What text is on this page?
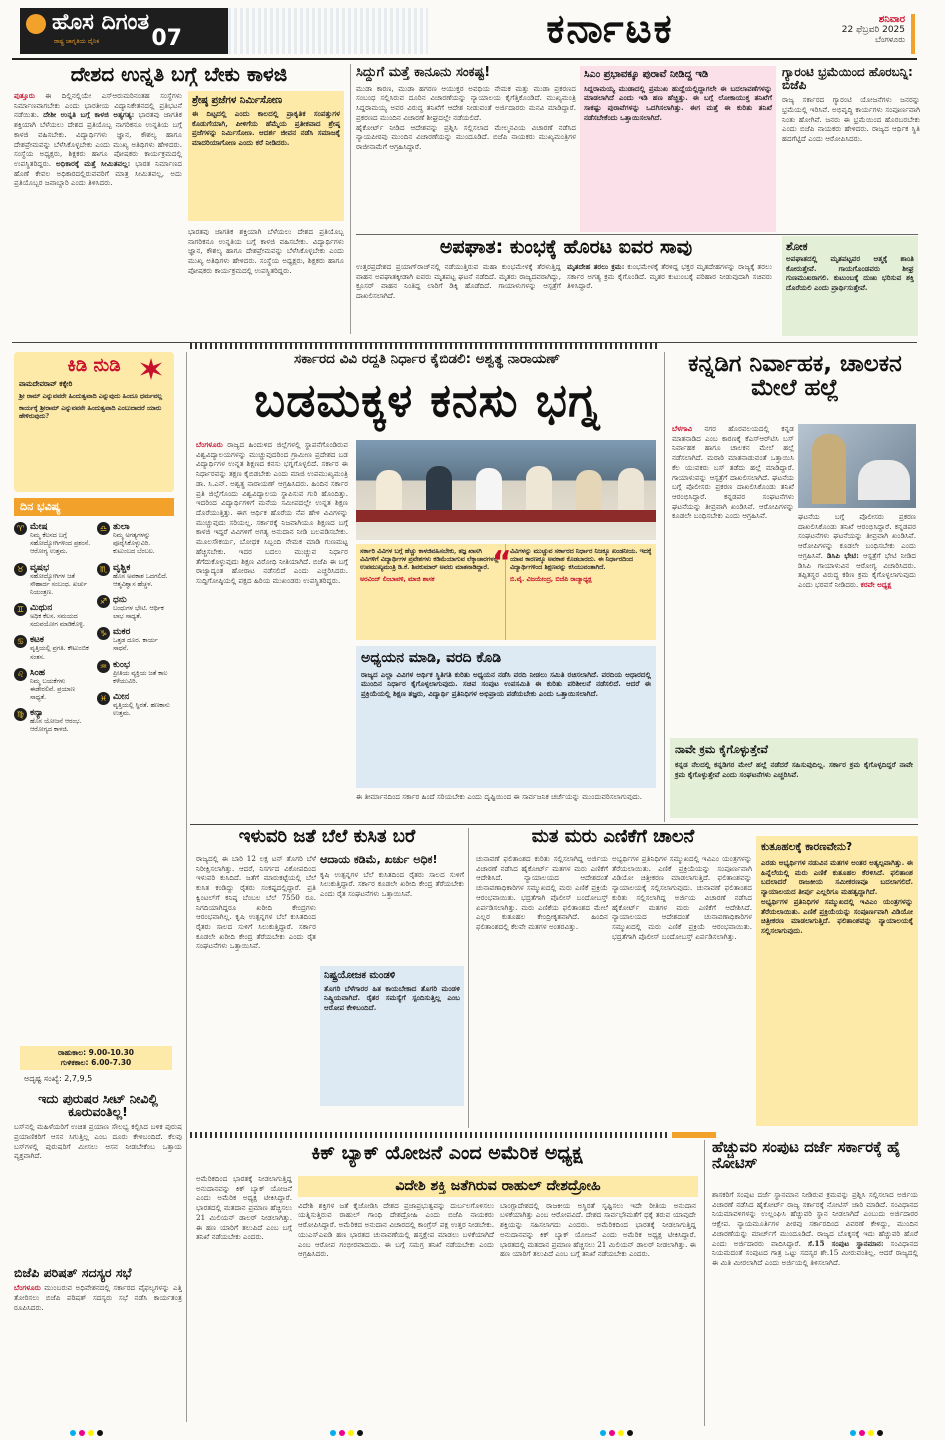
ಹೊಸ ದಿಗಂತ
ರಾಷ್ಟ್ರ ಜಾಗೃತಿಯ ದೈನಿಕ 07	ಕರ್ನಾಟಕ	ಶನಿವಾರ
22 ಫೆಬ್ರವರಿ 2025
ಬೆಂಗಳೂರು
ದೇಶದ ಉನ್ನತಿ ಬಗ್ಗೆ ಬೇಕು ಕಾಳಜಿ
ಪುತ್ತೂರು ಈ ದಿಲ್ಲಿನಲ್ಲಿಯೇ ಎಸ್ಆರುಮರಿನಂತಹ ಸಂಸ್ಥೆಗಳು ನಿರ್ಮಾಣವಾಗಬೇಕು ಎಂದು ಭಾರತೀಯ ವಿದ್ಯಾನಿಕೇತನದಲ್ಲಿ ಪ್ರತಿಭಟನೆ ನಡೆಯಿತು. ದೇಶೀ ಉನ್ನತಿ ಬಗ್ಗೆ ಕಾಳಜಿ ಅತ್ಯಗತ್ಯ: ಭಾರತವು ಜಾಗತಿಕ ಶಕ್ತಿಯಾಗಿ ಬೆಳೆಯಲು ದೇಶದ ಪ್ರತಿಯೊಬ್ಬ ನಾಗರಿಕನೂ ಉನ್ನತಿಯ ಬಗ್ಗೆ ಕಾಳಜಿ ವಹಿಸಬೇಕು. ವಿದ್ಯಾರ್ಥಿಗಳು ಜ್ಞಾನ, ಕೌಶಲ್ಯ ಹಾಗೂ ದೇಶಪ್ರೇಮವನ್ನು ಬೆಳೆಸಿಕೊಳ್ಳಬೇಕು ಎಂದು ಮುಖ್ಯ ಅತಿಥಿಗಳು ಹೇಳಿದರು. ಸಂಸ್ಥೆಯ ಅಧ್ಯಕ್ಷರು, ಶಿಕ್ಷಕರು ಹಾಗೂ ಪೋಷಕರು ಕಾರ್ಯಕ್ರಮದಲ್ಲಿ ಉಪಸ್ಥಿತರಿದ್ದರು. ಅಧಿಕಾರಕ್ಕೆ ಮತ್ತೆ ಸೀಮಿತವಲ್ಲ: ಭಾರತ ನಿರ್ಮಾಣದ ಹೊಣೆ ಕೇವಲ ಅಧಿಕಾರದಲ್ಲಿರುವವರಿಗೆ ಮಾತ್ರ ಸೀಮಿತವಲ್ಲ, ಅದು ಪ್ರತಿಯೊಬ್ಬರ ಜವಾಬ್ದಾರಿ ಎಂದು ತಿಳಿಸಿದರು.
ಶ್ರೇಷ್ಠ ಪ್ರಜೆಗಳ ನಿರ್ಮಿಸೋಣ
ಈ ದಿಟ್ಟದಲ್ಲಿ ಎಂದು ಕಾಲದಲ್ಲಿ ಪ್ರಾಕೃತಿಕ ಸಂಪತ್ತುಗಳ ಕೊಡುಗೆಯಾಗಿ, ಪೀಳಿಗೆಯ ಹೆಮ್ಮೆಯ ಪ್ರತೀಕವಾದ ಶ್ರೇಷ್ಠ ಪ್ರಜೆಗಳನ್ನು ನಿರ್ಮಿಸೋಣ. ಆದರ್ಶ ಜೀವನ ನಡೆಸಿ ಸಮಾಜಕ್ಕೆ ಮಾದರಿಯಾಗೋಣ ಎಂದು ಕರೆ ನೀಡಿದರು.
ಭಾರತವು ಜಾಗತಿಕ ಶಕ್ತಿಯಾಗಿ ಬೆಳೆಯಲು ದೇಶದ ಪ್ರತಿಯೊಬ್ಬ ನಾಗರಿಕನೂ ಉನ್ನತಿಯ ಬಗ್ಗೆ ಕಾಳಜಿ ವಹಿಸಬೇಕು. ವಿದ್ಯಾರ್ಥಿಗಳು ಜ್ಞಾನ, ಕೌಶಲ್ಯ ಹಾಗೂ ದೇಶಪ್ರೇಮವನ್ನು ಬೆಳೆಸಿಕೊಳ್ಳಬೇಕು ಎಂದು ಮುಖ್ಯ ಅತಿಥಿಗಳು ಹೇಳಿದರು. ಸಂಸ್ಥೆಯ ಅಧ್ಯಕ್ಷರು, ಶಿಕ್ಷಕರು ಹಾಗೂ ಪೋಷಕರು ಕಾರ್ಯಕ್ರಮದಲ್ಲಿ ಉಪಸ್ಥಿತರಿದ್ದರು.
ಸಿದ್ದುಗೆ ಮತ್ತೆ ಕಾನೂನು ಸಂಕಷ್ಟ!
ಮುಡಾ ಕಾರಣ, ಮುಡಾ ಹಗರಣ ಆಯುಕ್ತರ ಅವಧಿಯ ನೇಮಕ ಮತ್ತು ಮುಡಾ ಪ್ರಕರಣದ ಸಂಬಂಧ ಸಲ್ಲಿಸಿರುವ ದೂರಿನ ವಿಚಾರಣೆಯನ್ನು ನ್ಯಾಯಾಲಯ ಕೈಗೆತ್ತಿಕೊಂಡಿದೆ. ಮುಖ್ಯಮಂತ್ರಿ ಸಿದ್ದರಾಮಯ್ಯ ಅವರ ವಿರುದ್ಧ ತನಿಖೆಗೆ ಆದೇಶ ನೀಡುವಂತೆ ಅರ್ಜಿದಾರರು ಮನವಿ ಮಾಡಿದ್ದಾರೆ. ಪ್ರಕರಣದ ಮುಂದಿನ ವಿಚಾರಣೆ ಶೀಘ್ರದಲ್ಲೇ ನಡೆಯಲಿದೆ.
ಹೈಕೋರ್ಟ್ ನೀಡಿದ ಆದೇಶವನ್ನು ಪ್ರಶ್ನಿಸಿ ಸಲ್ಲಿಸಲಾದ ಮೇಲ್ಮನವಿಯ ವಿಚಾರಣೆ ನಡೆಸಿದ ನ್ಯಾಯಪೀಠವು ಮುಂದಿನ ವಿಚಾರಣೆಯನ್ನು ಮುಂದೂಡಿದೆ. ಬಿಜೆಪಿ ನಾಯಕರು ಮುಖ್ಯಮಂತ್ರಿಗಳ ರಾಜೀನಾಮೆಗೆ ಆಗ್ರಹಿಸಿದ್ದಾರೆ.
ಸಿಎಂ ಪ್ರಭಾವಕ್ಕೂ ಪುರಾವೆ ನೀಡಿದ್ದ ಇಡಿ
ಸಿದ್ದರಾಮಯ್ಯ ಮುಡಾದಲ್ಲಿ ಪ್ರಮುಖ ಹುದ್ದೆಯಲ್ಲಿದ್ದಾಗಲೇ ಈ ಬದಲಾವಣೆಗಳನ್ನು ಮಾಡಲಾಗಿದೆ ಎಂದು ಇಡಿ ಹಣ ಹೆಚ್ಚಿತ್ತು. ಈ ಬಗ್ಗೆ ಲೋಕಾಯುಕ್ತ ತನಿಖೆಗೆ ಸಾಕಷ್ಟು ಪುರಾವೆಗಳನ್ನು ಒದಗಿಸಲಾಗಿತ್ತು. ಈಗ ಮತ್ತೆ ಈ ಕುರಿತು ತನಿಖೆ ನಡೆಸಬೇಕೆಂದು ಒತ್ತಾಯಿಸಲಾಗಿದೆ.
ಗ್ಯಾರಂಟಿ ಭ್ರಮೆಯಿಂದ ಹೊರಬನ್ನಿ: ಬಿಜೆಪಿ
ರಾಜ್ಯ ಸರ್ಕಾರದ ಗ್ಯಾರಂಟಿ ಯೋಜನೆಗಳು ಜನರನ್ನು ಭ್ರಮೆಯಲ್ಲಿ ಇರಿಸಿವೆ. ಅಭಿವೃದ್ಧಿ ಕಾರ್ಯಗಳು ಸಂಪೂರ್ಣವಾಗಿ ನಿಂತು ಹೋಗಿವೆ. ಜನರು ಈ ಭ್ರಮೆಯಿಂದ ಹೊರಬರಬೇಕು ಎಂದು ಬಿಜೆಪಿ ನಾಯಕರು ಹೇಳಿದರು. ರಾಜ್ಯದ ಆರ್ಥಿಕ ಸ್ಥಿತಿ ಹದಗೆಟ್ಟಿದೆ ಎಂದು ಆರೋಪಿಸಿದರು.
ಅಪಘಾತ: ಕುಂಭಕ್ಕೆ ಹೊರಟ ಐವರ ಸಾವು
ಉತ್ತರಪ್ರದೇಶದ ಪ್ರಯಾಗ್‌ರಾಜ್‌ನಲ್ಲಿ ನಡೆಯುತ್ತಿರುವ ಮಹಾ ಕುಂಭಮೇಳಕ್ಕೆ ತೆರಳುತ್ತಿದ್ದ ವಾಹನ ಅಪಘಾತಕ್ಕೀಡಾಗಿ ಐವರು ಮೃತಪಟ್ಟ ಘಟನೆ ನಡೆದಿದೆ. ಮೃತರು ರಾಜ್ಯದವರಾಗಿದ್ದು, ಕ್ರೂಸರ್ ವಾಹನ ನಿಂತಿದ್ದ ಲಾರಿಗೆ ಡಿಕ್ಕಿ ಹೊಡೆದಿದೆ. ಗಾಯಾಳುಗಳನ್ನು ಆಸ್ಪತ್ರೆಗೆ ದಾಖಲಿಸಲಾಗಿದೆ.
ಮೃತದೇಹ ತರಲು ಕ್ರಮ: ಕುಂಭಮೇಳಕ್ಕೆ ತೆರಳಿದ್ದ ಭಕ್ತರ ಮೃತದೇಹಗಳನ್ನು ರಾಜ್ಯಕ್ಕೆ ತರಲು ಸರ್ಕಾರ ಅಗತ್ಯ ಕ್ರಮ ಕೈಗೊಂಡಿದೆ. ಮೃತರ ಕುಟುಂಬಕ್ಕೆ ಪರಿಹಾರ ನೀಡುವುದಾಗಿ ಸಚಿವರು ತಿಳಿಸಿದ್ದಾರೆ.
ಶೋಕ
ಅಪಘಾತದಲ್ಲಿ ಮೃತಪಟ್ಟವರ ಆತ್ಮಕ್ಕೆ ಶಾಂತಿ ಕೋರುತ್ತೇವೆ. ಗಾಯಗೊಂಡವರು ಶೀಘ್ರ ಗುಣಮುಖರಾಗಲಿ. ಕುಟುಂಬಕ್ಕೆ ದುಃಖ ಭರಿಸುವ ಶಕ್ತಿ ದೊರೆಯಲಿ ಎಂದು ಪ್ರಾರ್ಥಿಸುತ್ತೇವೆ.
ಕಿಡಿ ನುಡಿ
ವಾಮದೇವರಾವ್ ಕಕ್ಕೇರಿ
ಶ್ರೀ ರಾಮ್ ಎನ್ನುವವರೇ ಹಿಂದುತ್ವವಾದಿ ಎನ್ನುವುದು ಹಿಂದೂ ಧರ್ಮವಲ್ಲ
ಕಾರ್ಯಕ್ಕೆ ಶ್ರೀರಾಮ್ ಎನ್ನುವವನೇ ಹಿಂದುತ್ವವಾದಿ ಎಂಬುದಾದರೆ ಯಾರು ಹೇಳಿರುವುದು?
ದಿನ ಭವಿಷ್ಯ
♈ ಮೇಷ
ನಿಮ್ಮ ಕೆಲಸದ ಬಗ್ಗೆ ಸಹೋದ್ಯೋಗಿಗಳಿಂದ ಪ್ರಶಂಸೆ. ಆರೋಗ್ಯ ಉತ್ತಮ.
♉ ವೃಷಭ
ಸಹೋದ್ಯೋಗಿಗಳ ಜತೆ ಸೌಹಾರ್ದ ಸಂಬಂಧ. ಖರ್ಚು ನಿಯಂತ್ರಣ.
♊ ಮಿಥುನ
ಅಧಿಕ ಕೆಲಸ. ಸಮಯದ ಸದುಪಯೋಗ ಮಾಡಿಕೊಳ್ಳಿ.
♋ ಕಟಕ
ವೃತ್ತಿಯಲ್ಲಿ ಪ್ರಗತಿ. ಕೌಟುಂಬಿಕ ಸಂತಸ.
♌ ಸಿಂಹ
ನಿಮ್ಮ ಬಯಕೆಗಳು ಈಡೇರಲಿವೆ. ಪ್ರಯಾಣ ಸಾಧ್ಯತೆ.
♍ ಕನ್ಯಾ
ಹೊಸ ಯೋಜನೆ ಆರಂಭ. ಆರೋಗ್ಯದ ಕಾಳಜಿ.
♎ ತುಲಾ
ನಿಮ್ಮ ಅಗತ್ಯಗಳನ್ನು ಪೂರೈಸಿಕೊಳ್ಳುವಿರಿ. ಕುಟುಂಬದ ಬೆಂಬಲ.
♏ ವೃಶ್ಚಿಕ
ಹೊಸ ಅವಕಾಶ ಒದಗಲಿದೆ. ಆತ್ಮವಿಶ್ವಾಸ ಹೆಚ್ಚಳ.
♐ ಧನು
ಬಂಧುಗಳ ಭೇಟಿ. ಆರ್ಥಿಕ ಲಾಭ ಸಾಧ್ಯತೆ.
♑ ಮಕರ
ಒತ್ತಡ ದೂರ. ಕಾರ್ಯ ಸಾಧನೆ.
♒ ಕುಂಭ
ಪ್ರೀತಿಯ ವ್ಯಕ್ತಿಯ ಜತೆ ಕಾಲ ಕಳೆಯುವಿರಿ.
♓ ಮೀನ
ವೃತ್ತಿಯಲ್ಲಿ ಸ್ಥಿರತೆ. ಹಣಕಾಸು ಉತ್ತಮ.
ರಾಹುಕಾಲ: 9.00-10.30
ಗುಳಿಕಕಾಲ: 6.00-7.30
ಅದೃಷ್ಟ ಸಂಖ್ಯೆ: 2,7,9,5
ಇದು ಪುರುಷರ ಸೀಟ್ ನೀವಿಲ್ಲಿ ಕೂರುವಂತಿಲ್ಲ!
ಬಸ್‌ನಲ್ಲಿ ಮಹಿಳೆಯರಿಗೆ ಉಚಿತ ಪ್ರಯಾಣ ಸೌಲಭ್ಯ ಕಲ್ಪಿಸಿದ ಬಳಿಕ ಪುರುಷ ಪ್ರಯಾಣಿಕರಿಗೆ ಆಸನ ಸಿಗುತ್ತಿಲ್ಲ ಎಂಬ ದೂರು ಕೇಳಿಬಂದಿದೆ. ಕೆಲವು ಬಸ್‌ಗಳಲ್ಲಿ ಪುರುಷರಿಗೆ ಮೀಸಲು ಆಸನ ನೀಡಬೇಕೆಂಬ ಒತ್ತಾಯ ವ್ಯಕ್ತವಾಗಿದೆ.
ಬಿಜೆಪಿ ಪರಿಷತ್ ಸದಸ್ಯರ ಸಭೆ
ಬೆಂಗಳೂರು ಮುಂಬರುವ ಅಧಿವೇಶನದಲ್ಲಿ ಸರ್ಕಾರದ ವೈಫಲ್ಯಗಳನ್ನು ಎತ್ತಿ ತೋರಿಸಲು ಬಿಜೆಪಿ ಪರಿಷತ್ ಸದಸ್ಯರು ಸಭೆ ನಡೆಸಿ ಕಾರ್ಯತಂತ್ರ ರೂಪಿಸಿದರು.
ಸರ್ಕಾರದ ವಿವಿ ರದ್ದತಿ ನಿರ್ಧಾರ ಕೈಬಿಡಲಿ: ಅಶ್ವತ್ಥ ನಾರಾಯಣ್
ಬಡಮಕ್ಕಳ ಕನಸು ಭಗ್ನ
ಬೆಂಗಳೂರು ರಾಜ್ಯದ ಹಿಂದುಳಿದ ಜಿಲ್ಲೆಗಳಲ್ಲಿ ಸ್ಥಾಪನೆಗೊಂಡಿರುವ ವಿಶ್ವವಿದ್ಯಾಲಯಗಳನ್ನು ಮುಚ್ಚುವುದರಿಂದ ಗ್ರಾಮೀಣ ಪ್ರದೇಶದ ಬಡ ವಿದ್ಯಾರ್ಥಿಗಳ ಉನ್ನತ ಶಿಕ್ಷಣದ ಕನಸು ಭಗ್ನಗೊಳ್ಳಲಿದೆ. ಸರ್ಕಾರ ಈ ನಿರ್ಧಾರವನ್ನು ತಕ್ಷಣ ಕೈಬಿಡಬೇಕು ಎಂದು ಮಾಜಿ ಉಪಮುಖ್ಯಮಂತ್ರಿ ಡಾ. ಸಿ.ಎನ್. ಅಶ್ವತ್ಥ ನಾರಾಯಣ್ ಆಗ್ರಹಿಸಿದರು. ಹಿಂದಿನ ಸರ್ಕಾರ ಪ್ರತಿ ಜಿಲ್ಲೆಗೊಂದು ವಿಶ್ವವಿದ್ಯಾಲಯ ಸ್ಥಾಪಿಸುವ ಗುರಿ ಹೊಂದಿತ್ತು. ಇದರಿಂದ ವಿದ್ಯಾರ್ಥಿಗಳಿಗೆ ಮನೆಯ ಸಮೀಪದಲ್ಲೇ ಉನ್ನತ ಶಿಕ್ಷಣ ದೊರೆಯುತ್ತಿತ್ತು. ಈಗ ಆರ್ಥಿಕ ಹೊರೆಯ ನೆಪ ಹೇಳಿ ವಿವಿಗಳನ್ನು ಮುಚ್ಚುವುದು ಸರಿಯಲ್ಲ. ಸರ್ಕಾರಕ್ಕೆ ನಿಜವಾಗಿಯೂ ಶಿಕ್ಷಣದ ಬಗ್ಗೆ ಕಾಳಜಿ ಇದ್ದರೆ ವಿವಿಗಳಿಗೆ ಅಗತ್ಯ ಅನುದಾನ ನೀಡಿ ಬಲಪಡಿಸಬೇಕು. ಮೂಲಸೌಕರ್ಯ, ಬೋಧಕ ಸಿಬ್ಬಂದಿ ನೇಮಕ ಮಾಡಿ ಗುಣಮಟ್ಟ ಹೆಚ್ಚಿಸಬೇಕು. ಇದರ ಬದಲು ಮುಚ್ಚುವ ನಿರ್ಧಾರ ತೆಗೆದುಕೊಳ್ಳುವುದು ಶಿಕ್ಷಣ ವಿರೋಧಿ ನೀತಿಯಾಗಿದೆ. ಬಿಜೆಪಿ ಈ ಬಗ್ಗೆ ರಾಜ್ಯಾದ್ಯಂತ ಹೋರಾಟ ನಡೆಸಲಿದೆ ಎಂದು ಎಚ್ಚರಿಸಿದರು. ಸುದ್ದಿಗೋಷ್ಠಿಯಲ್ಲಿ ಪಕ್ಷದ ಹಿರಿಯ ಮುಖಂಡರು ಉಪಸ್ಥಿತರಿದ್ದರು.
ಸರ್ಕಾರಿ ವಿವಿಗಳ ಬಗ್ಗೆ ಹೆಚ್ಚು ಕಾಳಜಿವಹಿಸಬೇಕು, ತಜ್ಞ ಖಾಸಗಿ ವಿವಿಗಳಿಗೆ ವಿದ್ಯಾರ್ಥಿಗಳ ಪ್ರವೇಶಗಳು ಕಡಿಮೆಯಾಗುವ ಲೆಕ್ಕಾಚಾರಗಳಲ್ಲಿ ಉಪಮುಖ್ಯಮಂತ್ರಿ ಡಿ.ಕೆ. ಶಿವಕುಮಾರ್ ಅವರು ಮಾತನಾಡಿದ್ದಾರೆ.
ಅರವಿಂದ್ ಲಿಂಬಾವಳಿ, ಮಾಜಿ ಶಾಸಕ	“
ವಿವಿಗಳನ್ನು ಮುಚ್ಚುವ ಸರ್ಕಾರದ ನಿರ್ಧಾರ ನಿಜಕ್ಕೂ ಖಂಡನೀಯ. ಇದಕ್ಕೆ ಯಾವ ಕಾರಣಕ್ಕೂ ಅವಕಾಶ ಕೊಡಬಾರದು. ಈ ನಿರ್ಧಾರದಿಂದ ವಿದ್ಯಾರ್ಥಿಗಳಿಂದ ಶಿಕ್ಷಣವನ್ನು ಕಸಿಯುವಂತಾಗಿದೆ.
ಬಿ.ವೈ. ವಿಜಯೇಂದ್ರ, ಬಿಜೆಪಿ ರಾಜ್ಯಾಧ್ಯಕ್ಷ
ಅಧ್ಯಯನ ಮಾಡಿ, ವರದಿ ಕೊಡಿ
ರಾಜ್ಯದ ಎಲ್ಲಾ ವಿವಿಗಳ ಆರ್ಥಿಕ ಸ್ಥಿತಿಗತಿ ಕುರಿತು ಅಧ್ಯಯನ ನಡೆಸಿ ವರದಿ ನೀಡಲು ಸಮಿತಿ ರಚಿಸಲಾಗಿದೆ. ವರದಿಯ ಆಧಾರದಲ್ಲಿ ಮುಂದಿನ ನಿರ್ಧಾರ ಕೈಗೊಳ್ಳಲಾಗುವುದು. ಸಚಿವ ಸಂಪುಟ ಉಪಸಮಿತಿ ಈ ಕುರಿತು ಪರಿಶೀಲನೆ ನಡೆಸಲಿದೆ. ಆದರೆ ಈ ಪ್ರಕ್ರಿಯೆಯಲ್ಲಿ ಶಿಕ್ಷಣ ತಜ್ಞರು, ವಿದ್ಯಾರ್ಥಿ ಪ್ರತಿನಿಧಿಗಳ ಅಭಿಪ್ರಾಯ ಪಡೆಯಬೇಕು ಎಂದು ಒತ್ತಾಯಿಸಲಾಗಿದೆ.
ಈ ತೀರ್ಮಾನದಿಂದ ಸರ್ಕಾರ ಹಿಂದೆ ಸರಿಯಬೇಕು ಎಂದು ದೃಷ್ಟಿಯಿಂದ ಈ ಸಾರ್ವಜನಿಕ ಚರ್ಚೆಯನ್ನು ಮುಂದುವರಿಸಲಾಗುವುದು.
ಕನ್ನಡಿಗ ನಿರ್ವಾಹಕ, ಚಾಲಕನ ಮೇಲೆ ಹಲ್ಲೆ
ಬೆಳಗಾವಿ ನಗರ ಹೊರವಲಯದಲ್ಲಿ ಕನ್ನಡ ಮಾತನಾಡಿದ ಎಂಬ ಕಾರಣಕ್ಕೆ ಕೆಎಸ್ಆರ್‌ಟಿಸಿ ಬಸ್ ನಿರ್ವಾಹಕ ಹಾಗೂ ಚಾಲಕನ ಮೇಲೆ ಹಲ್ಲೆ ನಡೆಸಲಾಗಿದೆ. ಮರಾಠಿ ಮಾತನಾಡುವಂತೆ ಒತ್ತಾಯಿಸಿ ಕೆಲ ಯುವಕರು ಬಸ್ ತಡೆದು ಹಲ್ಲೆ ಮಾಡಿದ್ದಾರೆ. ಗಾಯಾಳುವನ್ನು ಆಸ್ಪತ್ರೆಗೆ ದಾಖಲಿಸಲಾಗಿದೆ. ಘಟನೆಯ ಬಗ್ಗೆ ಪೊಲೀಸರು ಪ್ರಕರಣ ದಾಖಲಿಸಿಕೊಂಡು ತನಿಖೆ ಆರಂಭಿಸಿದ್ದಾರೆ. ಕನ್ನಡಪರ ಸಂಘಟನೆಗಳು ಘಟನೆಯನ್ನು ತೀವ್ರವಾಗಿ ಖಂಡಿಸಿವೆ. ಆರೋಪಿಗಳನ್ನು ಕೂಡಲೇ ಬಂಧಿಸಬೇಕು ಎಂದು ಆಗ್ರಹಿಸಿವೆ.	ಘಟನೆಯ ಬಗ್ಗೆ ಪೊಲೀಸರು ಪ್ರಕರಣ ದಾಖಲಿಸಿಕೊಂಡು ತನಿಖೆ ಆರಂಭಿಸಿದ್ದಾರೆ. ಕನ್ನಡಪರ ಸಂಘಟನೆಗಳು ಘಟನೆಯನ್ನು ತೀವ್ರವಾಗಿ ಖಂಡಿಸಿವೆ. ಆರೋಪಿಗಳನ್ನು ಕೂಡಲೇ ಬಂಧಿಸಬೇಕು ಎಂದು ಆಗ್ರಹಿಸಿವೆ. ಡಿಸಿಪಿ ಭೇಟಿ: ಆಸ್ಪತ್ರೆಗೆ ಭೇಟಿ ನೀಡಿದ ಡಿಸಿಪಿ ಗಾಯಾಳುವಿನ ಆರೋಗ್ಯ ವಿಚಾರಿಸಿದರು. ತಪ್ಪಿತಸ್ಥರ ವಿರುದ್ಧ ಕಠಿಣ ಕ್ರಮ ಕೈಗೊಳ್ಳಲಾಗುವುದು ಎಂದು ಭರವಸೆ ನೀಡಿದರು. ಕರವೇ ಅಧ್ಯಕ್ಷ
ನಾವೇ ಕ್ರಮ ಕೈಗೊಳ್ಳುತ್ತೇವೆ
ಕನ್ನಡ ನೆಲದಲ್ಲಿ ಕನ್ನಡಿಗರ ಮೇಲೆ ಹಲ್ಲೆ ನಡೆದರೆ ಸಹಿಸುವುದಿಲ್ಲ. ಸರ್ಕಾರ ಕ್ರಮ ಕೈಗೊಳ್ಳದಿದ್ದರೆ ನಾವೇ ಕ್ರಮ ಕೈಗೊಳ್ಳುತ್ತೇವೆ ಎಂದು ಸಂಘಟನೆಗಳು ಎಚ್ಚರಿಸಿವೆ.
ಇಳುವರಿ ಜತೆ ಬೆಲೆ ಕುಸಿತ ಬರೆ
ರಾಜ್ಯದಲ್ಲಿ ಈ ಬಾರಿ 12 ಲಕ್ಷ ಟನ್ ತೊಗರಿ ಬೆಳೆ ನಿರೀಕ್ಷಿಸಲಾಗಿತ್ತು. ಆದರೆ, ನಿಸರ್ಗದ ವಿಕೋಪದಿಂದ ಇಳುವರಿ ಕುಸಿದಿದೆ. ಜತೆಗೆ ಮಾರುಕಟ್ಟೆಯಲ್ಲಿ ಬೆಲೆ ಕುಸಿತ ಕಂಡಿದ್ದು ರೈತರು ಸಂಕಷ್ಟದಲ್ಲಿದ್ದಾರೆ. ಪ್ರತಿ ಕ್ವಿಂಟಲ್‌ಗೆ ಕನಿಷ್ಠ ಬೆಂಬಲ ಬೆಲೆ 7550 ರೂ. ನಿಗದಿಯಾಗಿದ್ದರೂ ಖರೀದಿ ಕೇಂದ್ರಗಳು ಆರಂಭವಾಗಿಲ್ಲ. ಕೃಷಿ ಉತ್ಪನ್ನಗಳ ಬೆಲೆ ಕುಸಿತದಿಂದ ರೈತರು ಸಾಲದ ಸುಳಿಗೆ ಸಿಲುಕುತ್ತಿದ್ದಾರೆ. ಸರ್ಕಾರ ಕೂಡಲೇ ಖರೀದಿ ಕೇಂದ್ರ ತೆರೆಯಬೇಕು ಎಂದು ರೈತ ಸಂಘಟನೆಗಳು ಒತ್ತಾಯಿಸಿವೆ.
ಆದಾಯ ಕಡಿಮೆ, ಖರ್ಚು ಅಧಿಕ!
ಕೃಷಿ ಉತ್ಪನ್ನಗಳ ಬೆಲೆ ಕುಸಿತದಿಂದ ರೈತರು ಸಾಲದ ಸುಳಿಗೆ ಸಿಲುಕುತ್ತಿದ್ದಾರೆ. ಸರ್ಕಾರ ಕೂಡಲೇ ಖರೀದಿ ಕೇಂದ್ರ ತೆರೆಯಬೇಕು ಎಂದು ರೈತ ಸಂಘಟನೆಗಳು ಒತ್ತಾಯಿಸಿವೆ.
ನಿಷ್ಪ್ರಯೋಜಕ ಮಂಡಳಿ
ತೊಗರಿ ಬೆಳೆಗಾರರ ಹಿತ ಕಾಯಬೇಕಾದ ತೊಗರಿ ಮಂಡಳಿ ನಿಷ್ಕ್ರಿಯವಾಗಿದೆ. ರೈತರ ಸಮಸ್ಯೆಗೆ ಸ್ಪಂದಿಸುತ್ತಿಲ್ಲ ಎಂಬ ಆರೋಪ ಕೇಳಿಬಂದಿದೆ.
ಮತ ಮರು ಎಣಿಕೆಗೆ ಚಾಲನೆ
ಚುನಾವಣೆ ಫಲಿತಾಂಶದ ಕುರಿತು ಸಲ್ಲಿಸಲಾಗಿದ್ದ ಅರ್ಜಿಯ ವಿಚಾರಣೆ ನಡೆಸಿದ ಹೈಕೋರ್ಟ್ ಮತಗಳ ಮರು ಎಣಿಕೆಗೆ ಆದೇಶಿಸಿದೆ. ನ್ಯಾಯಾಲಯದ ಆದೇಶದಂತೆ ಚುನಾವಣಾಧಿಕಾರಿಗಳ ಸಮ್ಮುಖದಲ್ಲಿ ಮರು ಎಣಿಕೆ ಪ್ರಕ್ರಿಯೆ ಆರಂಭವಾಯಿತು. ಭದ್ರತೆಗಾಗಿ ಪೊಲೀಸ್ ಬಂದೋಬಸ್ತ್ ಏರ್ಪಡಿಸಲಾಗಿತ್ತು. ಮರು ಎಣಿಕೆಯ ಫಲಿತಾಂಶದ ಮೇಲೆ ಎಲ್ಲರ ಕುತೂಹಲ ಕೇಂದ್ರೀಕೃತವಾಗಿದೆ. ಹಿಂದಿನ ಫಲಿತಾಂಶದಲ್ಲಿ ಕೆಲವೇ ಮತಗಳ ಅಂತರವಿತ್ತು.
ಅಭ್ಯರ್ಥಿಗಳ ಪ್ರತಿನಿಧಿಗಳ ಸಮ್ಮುಖದಲ್ಲಿ ಇವಿಎಂ ಯಂತ್ರಗಳನ್ನು ತೆರೆಯಲಾಯಿತು. ಎಣಿಕೆ ಪ್ರಕ್ರಿಯೆಯನ್ನು ಸಂಪೂರ್ಣವಾಗಿ ವಿಡಿಯೋ ಚಿತ್ರೀಕರಣ ಮಾಡಲಾಗುತ್ತಿದೆ. ಫಲಿತಾಂಶವನ್ನು ನ್ಯಾಯಾಲಯಕ್ಕೆ ಸಲ್ಲಿಸಲಾಗುವುದು. ಚುನಾವಣೆ ಫಲಿತಾಂಶದ ಕುರಿತು ಸಲ್ಲಿಸಲಾಗಿದ್ದ ಅರ್ಜಿಯ ವಿಚಾರಣೆ ನಡೆಸಿದ ಹೈಕೋರ್ಟ್ ಮತಗಳ ಮರು ಎಣಿಕೆಗೆ ಆದೇಶಿಸಿದೆ. ನ್ಯಾಯಾಲಯದ ಆದೇಶದಂತೆ ಚುನಾವಣಾಧಿಕಾರಿಗಳ ಸಮ್ಮುಖದಲ್ಲಿ ಮರು ಎಣಿಕೆ ಪ್ರಕ್ರಿಯೆ ಆರಂಭವಾಯಿತು. ಭದ್ರತೆಗಾಗಿ ಪೊಲೀಸ್ ಬಂದೋಬಸ್ತ್ ಏರ್ಪಡಿಸಲಾಗಿತ್ತು.
ಕುತೂಹಲಕ್ಕೆ ಕಾರಣವೇನು?
ಎರಡು ಅಭ್ಯರ್ಥಿಗಳ ನಡುವಿನ ಮತಗಳ ಅಂತರ ಅತ್ಯಲ್ಪವಾಗಿತ್ತು. ಈ ಹಿನ್ನೆಲೆಯಲ್ಲಿ ಮರು ಎಣಿಕೆ ಕುತೂಹಲ ಕೆರಳಿಸಿದೆ. ಫಲಿತಾಂಶ ಬದಲಾದರೆ ರಾಜಕೀಯ ಸಮೀಕರಣವೂ ಬದಲಾಗಲಿದೆ. ನ್ಯಾಯಾಲಯದ ತೀರ್ಪು ಎಲ್ಲರಿಗೂ ಮಹತ್ವದ್ದಾಗಿದೆ.
ಅಭ್ಯರ್ಥಿಗಳ ಪ್ರತಿನಿಧಿಗಳ ಸಮ್ಮುಖದಲ್ಲಿ ಇವಿಎಂ ಯಂತ್ರಗಳನ್ನು ತೆರೆಯಲಾಯಿತು. ಎಣಿಕೆ ಪ್ರಕ್ರಿಯೆಯನ್ನು ಸಂಪೂರ್ಣವಾಗಿ ವಿಡಿಯೋ ಚಿತ್ರೀಕರಣ ಮಾಡಲಾಗುತ್ತಿದೆ. ಫಲಿತಾಂಶವನ್ನು ನ್ಯಾಯಾಲಯಕ್ಕೆ ಸಲ್ಲಿಸಲಾಗುವುದು.
ಕಿಕ್ ಬ್ಯಾಕ್ ಯೋಜನೆ ಎಂದ ಅಮೆರಿಕ ಅಧ್ಯಕ್ಷ
ಅಮೆರಿಕದಿಂದ ಭಾರತಕ್ಕೆ ನೀಡಲಾಗುತ್ತಿದ್ದ ಅನುದಾನವನ್ನು ಕಿಕ್ ಬ್ಯಾಕ್ ಯೋಜನೆ ಎಂದು ಅಮೆರಿಕ ಅಧ್ಯಕ್ಷ ಟೀಕಿಸಿದ್ದಾರೆ. ಭಾರತದಲ್ಲಿ ಮತದಾನ ಪ್ರಮಾಣ ಹೆಚ್ಚಿಸಲು 21 ಮಿಲಿಯನ್ ಡಾಲರ್ ನೀಡಲಾಗಿತ್ತು. ಈ ಹಣ ಯಾರಿಗೆ ತಲುಪಿದೆ ಎಂಬ ಬಗ್ಗೆ ತನಿಖೆ ನಡೆಯಬೇಕು ಎಂದರು.
ವಿದೇಶಿ ಶಕ್ತಿ ಜತೆಗಿರುವ ರಾಹುಲ್ ದೇಶದ್ರೋಹಿ
ವಿದೇಶಿ ಶಕ್ತಿಗಳ ಜತೆ ಕೈಜೋಡಿಸಿ ದೇಶದ ಪ್ರಜಾಪ್ರಭುತ್ವವನ್ನು ದುರ್ಬಲಗೊಳಿಸಲು ಯತ್ನಿಸುತ್ತಿರುವ ರಾಹುಲ್ ಗಾಂಧಿ ದೇಶದ್ರೋಹಿ ಎಂದು ಬಿಜೆಪಿ ನಾಯಕರು ಆರೋಪಿಸಿದ್ದಾರೆ. ಅಮೆರಿಕದ ಅನುದಾನ ವಿಚಾರದಲ್ಲಿ ಕಾಂಗ್ರೆಸ್ ಪಕ್ಷ ಉತ್ತರ ನೀಡಬೇಕು. ಯುಎಸ್ಎಐಡಿ ಹಣ ಭಾರತದ ಚುನಾವಣೆಯಲ್ಲಿ ಹಸ್ತಕ್ಷೇಪ ಮಾಡಲು ಬಳಕೆಯಾಗಿದೆ ಎಂಬ ಆರೋಪ ಗಂಭೀರವಾದುದು. ಈ ಬಗ್ಗೆ ಸಮಗ್ರ ತನಿಖೆ ನಡೆಯಬೇಕು ಎಂದು ಆಗ್ರಹಿಸಿದರು.
ಬಾಂಗ್ಲಾದೇಶದಲ್ಲಿ ರಾಜಕೀಯ ಅಸ್ಥಿರತೆ ಸೃಷ್ಟಿಸಲು ಇದೇ ರೀತಿಯ ಅನುದಾನ ಬಳಕೆಯಾಗಿತ್ತು ಎಂಬ ಆರೋಪವಿದೆ. ದೇಶದ ಸಾರ್ವಭೌಮತೆಗೆ ಧಕ್ಕೆ ತರುವ ಯಾವುದೇ ಶಕ್ತಿಯನ್ನು ಸಹಿಸಲಾಗದು ಎಂದರು. ಅಮೆರಿಕದಿಂದ ಭಾರತಕ್ಕೆ ನೀಡಲಾಗುತ್ತಿದ್ದ ಅನುದಾನವನ್ನು ಕಿಕ್ ಬ್ಯಾಕ್ ಯೋಜನೆ ಎಂದು ಅಮೆರಿಕ ಅಧ್ಯಕ್ಷ ಟೀಕಿಸಿದ್ದಾರೆ. ಭಾರತದಲ್ಲಿ ಮತದಾನ ಪ್ರಮಾಣ ಹೆಚ್ಚಿಸಲು 21 ಮಿಲಿಯನ್ ಡಾಲರ್ ನೀಡಲಾಗಿತ್ತು. ಈ ಹಣ ಯಾರಿಗೆ ತಲುಪಿದೆ ಎಂಬ ಬಗ್ಗೆ ತನಿಖೆ ನಡೆಯಬೇಕು ಎಂದರು.
ಹೆಚ್ಚುವರಿ ಸಂಪುಟ ದರ್ಜೆ ಸರ್ಕಾರಕ್ಕೆ ಹೈ ನೋಟಿಸ್
ಶಾಸಕರಿಗೆ ಸಂಪುಟ ದರ್ಜೆ ಸ್ಥಾನಮಾನ ನೀಡಿರುವ ಕ್ರಮವನ್ನು ಪ್ರಶ್ನಿಸಿ ಸಲ್ಲಿಸಲಾದ ಅರ್ಜಿಯ ವಿಚಾರಣೆ ನಡೆಸಿದ ಹೈಕೋರ್ಟ್ ರಾಜ್ಯ ಸರ್ಕಾರಕ್ಕೆ ನೋಟಿಸ್ ಜಾರಿ ಮಾಡಿದೆ. ಸಂವಿಧಾನದ ನಿಯಮಾವಳಿಗಳನ್ನು ಉಲ್ಲಂಘಿಸಿ ಹೆಚ್ಚುವರಿ ಸ್ಥಾನ ನೀಡಲಾಗಿದೆ ಎಂಬುದು ಅರ್ಜಿದಾರರ ಆಕ್ಷೇಪ. ನ್ಯಾಯಮೂರ್ತಿಗಳ ಪೀಠವು ಸರ್ಕಾರದಿಂದ ವಿವರಣೆ ಕೇಳಿದ್ದು, ಮುಂದಿನ ವಿಚಾರಣೆಯನ್ನು ಮಾರ್ಚ್‌ಗೆ ಮುಂದೂಡಿದೆ. ರಾಜ್ಯದ ಬೊಕ್ಕಸಕ್ಕೆ ಇದು ಹೆಚ್ಚುವರಿ ಹೊರೆ ಎಂದು ಅರ್ಜಿದಾರರು ವಾದಿಸಿದ್ದಾರೆ. ಸೆ.15 ಸಂಪುಟ ಸ್ಥಾನಮಾನ: ಸಂವಿಧಾನದ ನಿಯಮದಂತೆ ಸಂಪುಟದ ಗಾತ್ರ ಒಟ್ಟು ಸದಸ್ಯರ ಶೇ.15 ಮೀರುವಂತಿಲ್ಲ. ಆದರೆ ರಾಜ್ಯದಲ್ಲಿ ಈ ಮಿತಿ ಮೀರಲಾಗಿದೆ ಎಂದು ಅರ್ಜಿಯಲ್ಲಿ ತಿಳಿಸಲಾಗಿದೆ.
